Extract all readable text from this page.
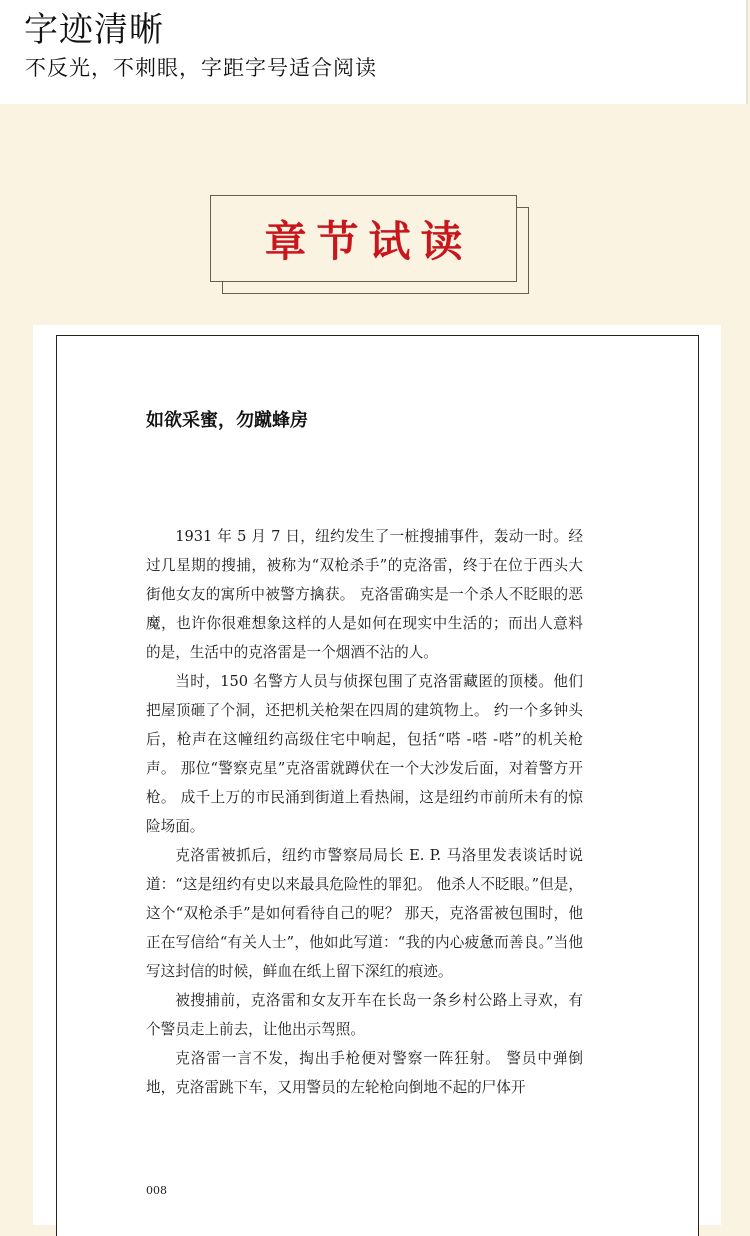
字迹清晰
不反光，不刺眼，字距字号适合阅读
章节试读
如欲采蜜，勿蹴蜂房

1931 年 5 月 7 日，纽约发生了一桩搜捕事件，轰动一时。经过几星期的搜捕，被称为“双枪杀手”的克洛雷，终于在位于西头大街他女友的寓所中被警方擒获。 克洛雷确实是一个杀人不眨眼的恶魔，也许你很难想象这样的人是如何在现实中生活的；而出人意料的是，生活中的克洛雷是一个烟酒不沾的人。

当时，150 名警方人员与侦探包围了克洛雷藏匿的顶楼。他们把屋顶砸了个洞，还把机关枪架在四周的建筑物上。 约一个多钟头后，枪声在这幢纽约高级住宅中响起，包括“嗒 -嗒 -嗒”的机关枪声。 那位“警察克星”克洛雷就蹲伏在一个大沙发后面，对着警方开枪。 成千上万的市民涌到街道上看热闹，这是纽约市前所未有的惊险场面。

克洛雷被抓后，纽约市警察局局长 E. P. 马洛里发表谈话时说道：“这是纽约有史以来最具危险性的罪犯。 他杀人不眨眼。”但是，这个“双枪杀手”是如何看待自己的呢？ 那天，克洛雷被包围时，他正在写信给“有关人士”，他如此写道：“我的内心疲惫而善良。”当他写这封信的时候，鲜血在纸上留下深红的痕迹。

被搜捕前，克洛雷和女友开车在长岛一条乡村公路上寻欢，有个警员走上前去，让他出示驾照。

克洛雷一言不发，掏出手枪便对警察一阵狂射。 警员中弹倒地，克洛雷跳下车，又用警员的左轮枪向倒地不起的尸体开

008
